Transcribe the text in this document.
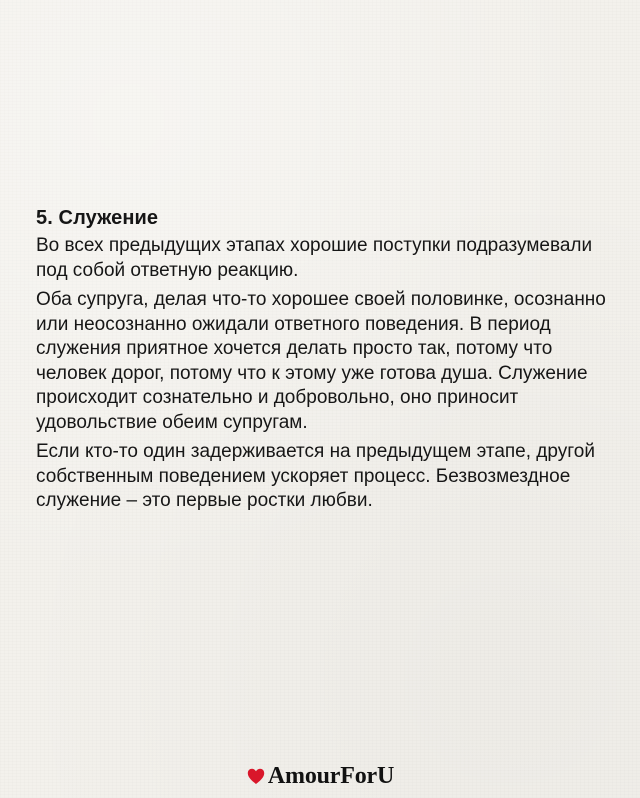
5. Служение

Во всех предыдущих этапах хорошие поступки подразумевали под собой ответную реакцию.

Оба супруга, делая что-то хорошее своей половинке, осознанно или неосознанно ожидали ответного поведения. В период служения приятное хочется делать просто так, потому что человек дорог, потому что к этому уже готова душа. Служение происходит сознательно и добровольно, оно приносит удовольствие обеим супругам.

Если кто-то один задерживается на предыдущем этапе, другой собственным поведением ускоряет процесс. Безвозмездное служение – это первые ростки любви.

AmourForU
